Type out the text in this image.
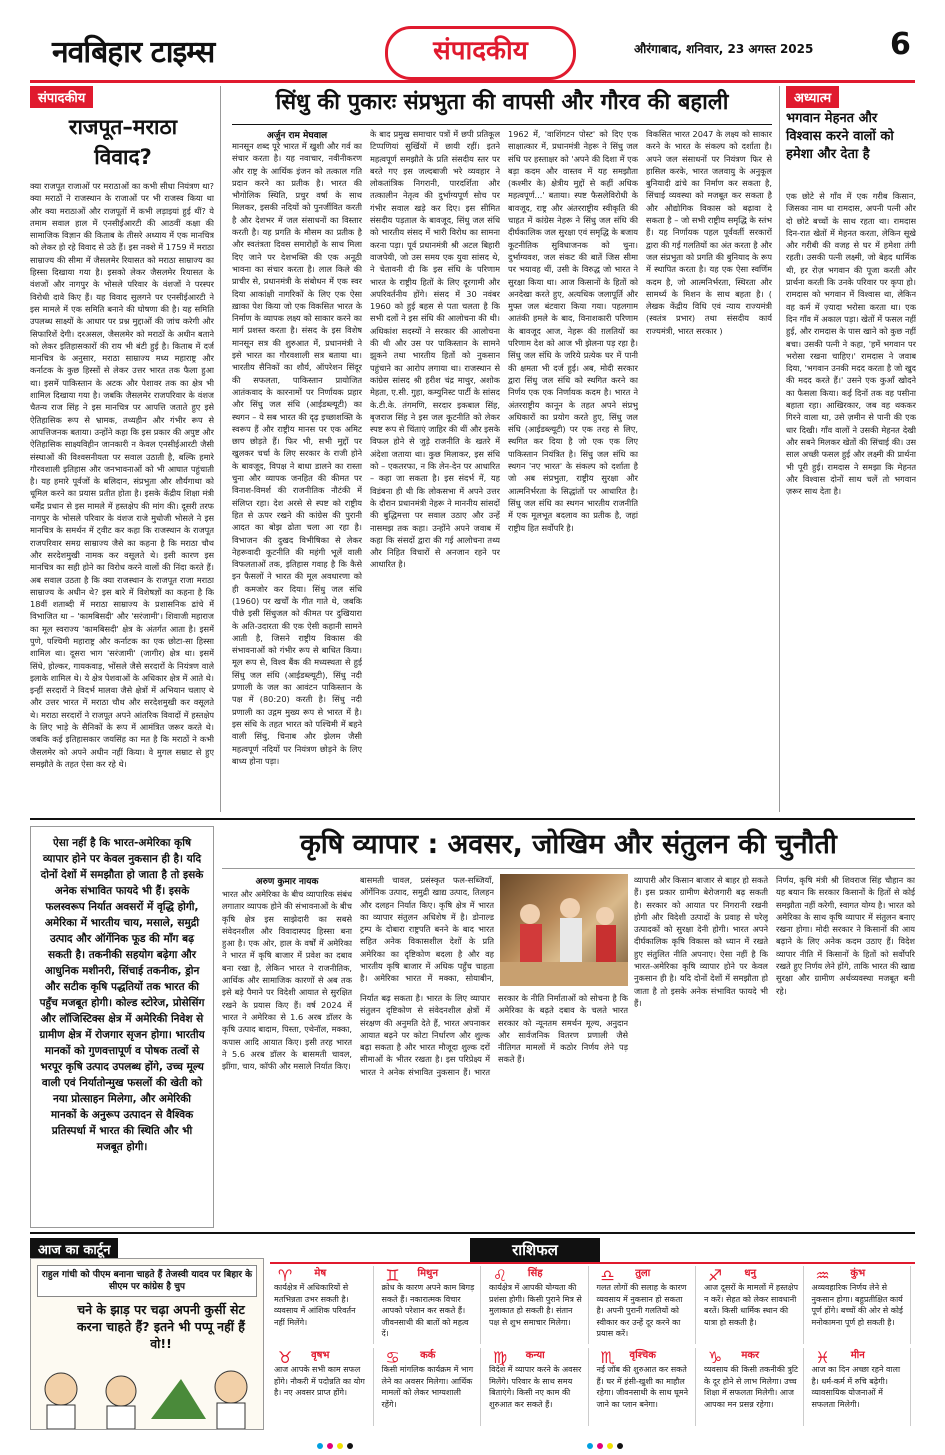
नवबिहार टाइम्स	संपादकीय	औरंगाबाद, शनिवार, 23 अगस्त 2025	6
संपादकीय
राजपूत–मराठा विवाद?
क्या राजपूत राजाओं पर मराठाओं का कभी सीधा नियंत्रण था? क्या मराठों ने राजस्थान के राजाओं पर भी राजस्व किया था और क्या मराठाओं और राजपूतों में कभी लड़ाइयां हुई थीं? ये तमाम सवाल हाल में एनसीईआरटी की आठवीं कक्षा की सामाजिक विज्ञान की किताब के तीसरे अध्याय में एक मानचित्र को लेकर हो रहे विवाद से उठे हैं। इस नक्शे में 1759 में मराठा साम्राज्य की सीमा में जैसलमेर रियासत को मराठा साम्राज्य का हिस्सा दिखाया गया है। इसको लेकर जैसलमेर रियासत के वंशजों और नागपुर के भोसले परिवार के वंशजों ने परस्पर विरोधी दावे किए हैं। यह विवाद सुलगने पर एनसीईआरटी ने इस मामले में एक समिति बनाने की घोषणा की है। यह समिति उपलब्ध साक्ष्यों के आधार पर प्रश्न मुद्दाओं की जांच करेगी और सिफारिशें देगी। दरअसल, जैसलमेर को मराठों के अधीन बताने को लेकर इतिहासकारों की राय भी बंटी हुई है। किताब में दर्ज मानचित्र के अनुसार, मराठा साम्राज्य मध्य महाराष्ट्र और कर्नाटक के कुछ हिस्सों से लेकर उत्तर भारत तक फैला हुआ था। इसमें पाकिस्तान के अटक और पेशावर तक का क्षेत्र भी शामिल दिखाया गया है। जबकि जैसलमेर राजपरिवार के वंशज चैतन्य राज सिंह ने इस मानचित्र पर आपत्ति जताते हुए इसे ऐतिहासिक रूप से भ्रामक, तथ्यहीन और गंभीर रूप से आपत्तिजनक बताया। उन्होंने कहा कि इस प्रकार की अपुष्ट और ऐतिहासिक साक्ष्यविहीन जानकारी न केवल एनसीईआरटी जैसी संस्थाओं की विश्वसनीयता पर सवाल उठाती है, बल्कि हमारे गौरवशाली इतिहास और जनभावनाओं को भी आघात पहुंचाती है। यह हमारे पूर्वजों के बलिदान, संप्रभुता और शौर्यगाथा को धूमिल करने का प्रयास प्रतीत होता है। इसके केंद्रीय शिक्षा मंत्री धर्मेंद्र प्रधान से इस मामले में हस्तक्षेप की मांग की। दूसरी तरफ नागपुर के भोसले परिवार के वंशज राजे मुधोजी भोसले ने इस मानचित्र के समर्थन में ट्वीट कर कहा कि राजस्थान के राजपूत राजपरिवार समग्र साम्राज्य जैसे का कहना है कि मराठा चौथ और सरदेशमुखी नामक कर वसूलते थे। इसी कारण इस मानचित्र का सही होने का विरोध करने वालों की निंदा करते हैं। अब सवाल उठता है कि क्या राजस्थान के राजपूत राजा मराठा साम्राज्य के अधीन थे? इस बारे में विशेषज्ञों का कहना है कि 18वीं शताब्दी में मराठा साम्राज्य के प्रशासनिक ढांचे में विभाजित था – 'कामबिसदी' और 'सरंजामी'। शिवाजी महाराज का मूल स्वराज्य 'कामबिसदी' क्षेत्र के अंतर्गत आता है। इसमें पुणे, पश्चिमी महाराष्ट्र और कर्नाटक का एक छोटा-सा हिस्सा शामिल था। दूसरा भाग 'सरंजामी' (जागीर) क्षेत्र था। इसमें सिंधे, होल्कर, गायकवाड़, भोंसले जैसे सरदारों के नियंत्रण वाले इलाके शामिल थे। ये क्षेत्र पेशवाओं के अधिकार क्षेत्र में आते थे। इन्हीं सरदारों ने विदर्भ मालवा जैसे क्षेत्रों में अभियान चलाए थे और उत्तर भारत में मराठा चौथ और सरदेशमुखी कर वसूलते थे। मराठा सरदारों ने राजपूत अपने आंतरिक विवादों में हस्तक्षेप के लिए भाड़े के सैनिकों के रूप में आमंत्रित जरूर करते थे। जबकि कई इतिहासकार जयसिंह का मत है कि मराठों ने कभी जैसलमेर को अपने अधीन नहीं किया। वे मुगल सम्राट से हुए समझौते के तहत ऐसा कर रहे थे।
सिंधु की पुकारः संप्रभुता की वापसी और गौरव की बहाली
अर्जुन राम मेघवाल
मानसून शब्द पूरे भारत में खुशी और गर्व का संचार करता है। यह नवाचार, नवीनीकरण और राष्ट्र के आर्थिक इंजन को तत्काल गति प्रदान करने का प्रतीक है। भारत की भौगोलिक स्थिति, प्रचुर वर्षा के साथ मिलकर, इसकी नदियों को पुनर्जीवित करती है और देशभर में जल संसाधनों का विस्तार करती है। यह प्रगति के मौसम का प्रतीक है और स्वतंत्रता दिवस समारोहों के साथ मिला दिए जाने पर देशभक्ति की एक अनूठी भावना का संचार करता है। लाल किले की प्राचीर से, प्रधानमंत्री के संबोधन में एक स्वर दिया आकांक्षी नागरिकों के लिए एक ऐसा ख़ाका पेश किया जो एक विकसित भारत के निर्माण के व्यापक लक्ष्य को साकार करने का मार्ग प्रशस्त करता है। संसद के इस विशेष मानसून सत्र की शुरुआत में, प्रधानमंत्री ने इसे भारत का गौरवशाली सत्र बताया था। भारतीय सैनिकों का शौर्य, ऑपरेशन सिंदूर की सफलता, पाकिस्तान प्रायोजित आतंकवाद के कारनामों पर निर्णायक प्रहार और सिंधु जल संधि (आईडब्ल्यूटी) का स्थगन – ये सब भारत की दृढ़ इच्छाशक्ति के स्वरूप हैं और राष्ट्रीय मानस पर एक अमिट छाप छोड़ते हैं। फिर भी, सभी मुद्दों पर खुलकर चर्चा के लिए सरकार के राजी होने के बावजूद, विपक्ष ने बाधा डालने का रास्ता चुना और व्यापक जनहित की कीमत पर विनाश-विमर्श की राजनीतिक नौटंकी में संलिप्त रहा। देश अरसे से स्पष्ट को राष्ट्रीय हित से ऊपर रखने की कांग्रेस की पुरानी आदत का बोझ ढोता चला आ रहा है। विभाजन की दुखद विभीषिका से लेकर नेहरूवादी कूटनीति की महंगी भूलें वाली विफलताओं तक, इतिहास गवाह है कि कैसे इन फैसलों ने भारत की मूल अवधारणा को ही कमजोर कर दिया। सिंधु जल संधि (1960) पर खर्चों के गीत गाते थे, जबकि पीछे इसी सिंधुजल को कीमत पर दुखियारा के अति-उदारता की एक ऐसी कहानी सामने आती है, जिसने राष्ट्रीय विकास की संभावनाओं को गंभीर रूप से बाधित किया। मूल रूप से, विश्व बैंक की मध्यस्थता से हुई सिंधु जल संधि (आईडब्ल्यूटी), सिंधु नदी प्रणाली के जल का आवंटन पाकिस्तान के पक्ष में (80:20) करती है। सिंधु नदी प्रणाली का उद्गम मुख्य रूप से भारत में है। इस संधि के तहत भारत को पश्चिमी में बहने वाली सिंधु, चिनाब और झेलम जैसी महत्वपूर्ण नदियों पर नियंत्रण छोड़ने के लिए बाध्य होना पड़ा।
के बाद प्रमुख समाचार पत्रों में छपी प्रतिकूल टिप्पणियां सुर्खियों में छायी रहीं। इतने महत्वपूर्ण समझौते के प्रति संसदीय स्तर पर बरते गए इस जल्दबाजी भरे व्यवहार ने लोकतांत्रिक निगरानी, पारदर्शिता और तत्कालीन नेतृत्व की दुर्भाग्यपूर्ण सोच पर गंभीर सवाल खड़े कर दिए। इस सीमित संसदीय पड़ताल के बावजूद, सिंधु जल संधि को भारतीय संसद में भारी विरोध का सामना करना पड़ा। पूर्व प्रधानमंत्री श्री अटल बिहारी वाजपेयी, जो उस समय एक युवा सांसद थे, ने चेतावनी दी कि इस संधि के परिणाम भारत के राष्ट्रीय हितों के लिए दूरगामी और अपरिवर्तनीय होंगे। संसद में 30 नवंबर 1960 को हुई बहस से पता चलता है कि सभी दलों ने इस संधि की आलोचना की थी। अधिकांश सदस्यों ने सरकार की आलोचना की थी और उस पर पाकिस्तान के सामने झुकने तथा भारतीय हितों को नुकसान पहुंचाने का आरोप लगाया था। राजस्थान से कांग्रेस सांसद श्री हरीश चंद्र माथुर, अशोक मेहता, ए.सी. गुहा, कम्युनिस्ट पार्टी के सांसद के.टी.के. तंगमणि, सरदार इकबाल सिंह, बृजराज सिंह ने इस जल कूटनीति को लेकर स्पष्ट रूप से चिंताएं जाहिर की थीं और इसके विफल होने से जुड़े राजनीति के खतरे में अंदेशा जताया था। कुछ मिलाकर, इस संधि को – एकतरफा, न कि लेन-देन पर आधारित – कहा जा सकता है। इस संदर्भ में, यह विडंबना ही थी कि लोकसभा में अपने उत्तर के दौरान प्रधानमंत्री नेहरू ने माननीय सांसदों की बुद्धिमत्ता पर सवाल उठाए और उन्हें नासमझ तक कहा। उन्होंने अपने जवाब में कहा कि संसदों द्वारा की गई आलोचना तथ्य और निहित विचारों से अनजान रहने पर आधारित है।
1962 में, 'वाशिंगटन पोस्ट' को दिए एक साक्षात्कार में, प्रधानमंत्री नेहरू ने सिंधु जल संधि पर हस्ताक्षर को 'अपने की दिशा में एक बड़ा कदम और वास्तव में यह समझौता (कश्मीर के) क्षेत्रीय मुद्दों से कहीं अधिक महत्वपूर्ण...' बताया। स्पष्ट फैसलेविरोधी के बावजूद, राष्ट्र और अंतरराष्ट्रीय स्वीकृति की चाहत में कांग्रेस नेहरू ने सिंधु जल संधि की दीर्घकालिक जल सुरक्षा एवं समृद्धि के बजाय कूटनीतिक सुविधाजनक को चुना। दुर्भाग्यवश, जल संकट की बातें जिस सीमा पर भयावह थीं, उसी के विरुद्ध जो भारत ने सुरक्षा किया था। आज किसानों के हितों को अनदेखा करते हुए, अत्यधिक जलापूर्ति और मुफ्त जल बंटवारा किया गया। पहलगाम आतंकी हमले के बाद, विनाशकारी परिणाम के बावजूद आज, नेहरू की ग़लतियों का परिणाम देश को आज भी झेलना पड़ रहा है। सिंधु जल संधि के जरिये प्रत्येक घर में पानी की क्षमता भी दर्ज हुई। अब, मोदी सरकार द्वारा सिंधु जल संधि को स्थगित करने का निर्णय एक एक निर्णायक कदम है। भारत ने अंतरराष्ट्रीय कानून के तहत अपने संप्रभु अधिकारों का प्रयोग करते हुए, सिंधु जल संधि (आईडब्ल्यूटी) पर एक तरह से लिए, स्थगित कर दिया है जो एक एक लिए पाकिस्तान नियंत्रित है। सिंधु जल संधि का स्थगन 'नए भारत' के संकल्प को दर्शाता है जो अब संप्रभुता, राष्ट्रीय सुरक्षा और आत्मनिर्भरता के सिद्धांतों पर आधारित है। सिंधु जल संधि का स्थगन भारतीय राजनीति में एक मूलभूत बदलाव का प्रतीक है, जहां राष्ट्रीय हित सर्वोपरि है।
विकसित भारत 2047 के लक्ष्य को साकार करने के भारत के संकल्प को दर्शाता है। अपने जल संसाधनों पर नियंत्रण फिर से हासिल करके, भारत जलवायु के अनुकूल बुनियादी ढांचे का निर्माण कर सकता है, सिंचाई व्यवस्था को मजबूत कर सकता है और औद्योगिक विकास को बढ़ावा दे सकता है – जो सभी राष्ट्रीय समृद्धि के स्तंभ हैं। यह निर्णायक पहल पूर्ववर्ती सरकारों द्वारा की गई गलतियों का अंत करता है और जल संप्रभुता को प्रगति की बुनियाद के रूप में स्थापित करता है। यह एक ऐसा स्वर्णिम कदम है, जो आत्मनिर्भरता, स्थिरता और सामर्थ्य के मिशन के साथ बहता है। ( लेखक केंद्रीय विधि एवं न्याय राज्यमंत्री (स्वतंत्र प्रभार) तथा संसदीय कार्य राज्यमंत्री, भारत सरकार )
अध्यात्म
भगवान मेहनत और विश्वास करने वालों को हमेशा और देता है
एक छोटे से गाँव में एक गरीब किसान, जिसका नाम था रामदास, अपनी पत्नी और दो छोटे बच्चों के साथ रहता था। रामदास दिन-रात खेतों में मेहनत करता, लेकिन सूखे और गरीबी की वजह से घर में हमेशा तंगी रहती। उसकी पत्नी लक्ष्मी, जो बेहद धार्मिक थी, हर रोज़ भगवान की पूजा करती और प्रार्थना करती कि उनके परिवार पर कृपा हो। रामदास को भगवान में विश्वास था, लेकिन वह कर्म में ज़्यादा भरोसा करता था। एक दिन गाँव में अकाल पड़ा। खेतों में फसल नहीं हुई, और रामदास के पास खाने को कुछ नहीं बचा। उसकी पत्नी ने कहा, 'हमें भगवान पर भरोसा रखना चाहिए।' रामदास ने जवाब दिया, 'भगवान उनकी मदद करता है जो खुद की मदद करते हैं।' उसने एक कुआँ खोदने का फैसला किया। कई दिनों तक वह पसीना बहाता रहा। आखिरकार, जब वह थककर गिरने वाला था, उसे ज़मीन से पानी की एक धार दिखी। गाँव वालों ने उसकी मेहनत देखी और सबने मिलकर खेतों की सिंचाई की। उस साल अच्छी फसल हुई और लक्ष्मी की प्रार्थना भी पूरी हुई। रामदास ने समझा कि मेहनत और विश्वास दोनों साथ चलें तो भगवान ज़रूर साथ देता है।
ऐसा नहीं है कि भारत-अमेरिका कृषि व्यापार होने पर केवल नुकसान ही है। यदि दोनों देशों में समझौता हो जाता है तो इसके अनेक संभावित फायदे भी हैं। इसके फलस्वरूप निर्यात अवसरों में वृद्धि होगी, अमेरिका में भारतीय चाय, मसाले, समुद्री उत्पाद और ऑर्गेनिक फूड की माँग बढ़ सकती है। तकनीकी सहयोग बढ़ेगा और आधुनिक मशीनरी, सिंचाई तकनीक, ड्रोन और सटीक कृषि पद्धतियों तक भारत की पहुँच मजबूत होगी। कोल्ड स्टोरेज, प्रोसेसिंग और लॉजिस्टिक्स क्षेत्र में अमेरिकी निवेश से ग्रामीण क्षेत्र में रोजगार सृजन होगा। भारतीय मानकों को गुणवत्तापूर्ण व पोषक तत्वों से भरपूर कृषि उत्पाद उपलब्ध होंगे, उच्च मूल्य वाली एवं निर्यातोन्मुख फसलों की खेती को नया प्रोत्साहन मिलेगा, और अमेरिकी मानकों के अनुरूप उत्पादन से वैश्विक प्रतिस्पर्धा में भारत की स्थिति और भी मजबूत होगी।
कृषि व्यापार : अवसर, जोखिम और संतुलन की चुनौती
अरुण कुमार नायक
भारत और अमेरिका के बीच व्यापारिक संबंध लगातार व्यापक होने की संभावनाओं के बीच कृषि क्षेत्र इस साझेदारी का सबसे संवेदनशील और विवादास्पद हिस्सा बना हुआ है। एक ओर, हाल के वर्षों में अमेरिका ने भारत में कृषि बाजार में प्रवेश का दबाव बना रखा है, लेकिन भारत ने राजनीतिक, आर्थिक और सामाजिक कारणों से अब तक इसे बड़े पैमाने पर विदेशी आयात से सुरक्षित रखने के प्रयास किए हैं। वर्ष 2024 में भारत ने अमेरिका से 1.6 अरब डॉलर के कृषि उत्पाद बादाम, पिस्ता, एथेनॉल, मक्का, कपास आदि आयात किए। इसी तरह भारत ने 5.6 अरब डॉलर के बासमती चावल, झींगा, चाय, कॉफी और मसाले निर्यात किए।
बासमती चावल, प्रसंस्कृत फल-सब्जियाँ, ऑर्गेनिक उत्पाद, समुद्री खाद्य उत्पाद, तिलहन और दलहन निर्यात किए। कृषि क्षेत्र में भारत का व्यापार संतुलन अधिशेष में है। डोनाल्ड ट्रम्प के दोबारा राष्ट्रपति बनने के बाद भारत सहित अनेक विकासशील देशों के प्रति अमेरिका का दृष्टिकोण बदला है और वह भारतीय कृषि बाजार में अधिक पहुँच चाहता है। अमेरिका भारत में मक्का, सोयाबीन,
निर्यात बढ़ सकता है। भारत के लिए व्यापार संतुलन दृष्टिकोण से संवेदनशील क्षेत्रों में संरक्षण की अनुमति देते हैं, भारत अपनाकर आयात बढ़ने पर कोटा निर्धारण और शुल्क बढ़ा सकता है और भारत मौजूदा शुल्क दरों सीमाओं के भीतर रखता है। इस परिप्रेक्ष्य में भारत ने अनेक संभावित नुकसान हैं। भारत सरकार के नीति निर्माताओं को सोचना है कि अमेरिका के बढ़ते दबाव के चलते भारत सरकार को न्यूनतम समर्थन मूल्य, अनुदान और सार्वजनिक वितरण प्रणाली जैसे नीतिगत मामलों में कठोर निर्णय लेने पड़ सकते हैं।
व्यापारी और किसान बाजार से बाहर हो सकते हैं। इस प्रकार ग्रामीण बेरोजगारी बढ़ सकती है। सरकार को आयात पर निगरानी रखनी होगी और विदेशी उत्पादों के प्रवाह से घरेलू उत्पादकों को सुरक्षा देनी होगी। भारत अपने दीर्घकालिक कृषि विकास को ध्यान में रखते हुए संतुलित नीति अपनाए। ऐसा नहीं है कि भारत-अमेरिका कृषि व्यापार होने पर केवल नुकसान ही है। यदि दोनों देशों में समझौता हो जाता है तो इसके अनेक संभावित फायदे भी हैं।
निर्णय, कृषि मंत्री श्री शिवराज सिंह चौहान का यह बयान कि सरकार किसानों के हितों से कोई समझौता नहीं करेगी, स्वागत योग्य है। भारत को अमेरिका के साथ कृषि व्यापार में संतुलन बनाए रखना होगा। मोदी सरकार ने किसानों की आय बढ़ाने के लिए अनेक कदम उठाए हैं। विदेश व्यापार नीति में किसानों के हितों को सर्वोपरि रखते हुए निर्णय लेने होंगे, ताकि भारत की खाद्य सुरक्षा और ग्रामीण अर्थव्यवस्था मजबूत बनी रहे।
आज का कार्टून
राहुल गांधी को पीएम बनाना चाहते हैं तेजस्वी यादव पर बिहार के सीएम पर कांग्रेस है चुप
चने के झाड़ पर चढ़ा अपनी कुर्सी सेट करना चाहते हैं? इतने भी पप्पू नहीं हैं वो!!
राशिफल
♈	मेष
कार्यक्षेत्र में अधिकारियों से मतभिन्नता उभर सकती है। व्यवसाय में आंशिक परिवर्तन नहीं मिलेंगे।
♊	मिथुन
क्रोध के कारण अपने काम बिगड़ सकते हैं। नकारात्मक विचार आपको परेशान कर सकते हैं। जीवनसाथी की बातों को महत्व दें।
♌	सिंह
कार्यक्षेत्र में आपकी योग्यता की प्रशंसा होगी। किसी पुराने मित्र से मुलाकात हो सकती है। संतान पक्ष से शुभ समाचार मिलेगा।
♎	तुला
गलत लोगों की सलाह के कारण व्यवसाय में नुकसान हो सकता है। अपनी पुरानी गलतियों को स्वीकार कर उन्हें दूर करने का प्रयास करें।
♐	धनु
आज दूसरों के मामलों में हस्तक्षेप न करें। सेहत को लेकर सावधानी बरतें। किसी धार्मिक स्थान की यात्रा हो सकती है।
♒	कुंभ
अव्यवहारिक निर्णय लेने से नुकसान होगा। बहुप्रतीक्षित कार्य पूर्ण होंगे। बच्चों की ओर से कोई मनोकामना पूर्ण हो सकती है।
♉	वृषभ
आज आपके सभी काम सफल होंगे। नौकरी में पदोन्नति का योग है। नए अवसर प्राप्त होंगे।
♋	कर्क
किसी मांगलिक कार्यक्रम में भाग लेने का अवसर मिलेगा। आर्थिक मामलों को लेकर भाग्यशाली रहेंगे।
♍	कन्या
विदेश में व्यापार करने के अवसर मिलेंगे। परिवार के साथ समय बिताएंगे। किसी नए काम की शुरुआत कर सकते हैं।
♏	वृश्चिक
नई जॉब की शुरुआत कर सकते हैं। घर में हंसी-खुशी का माहौल रहेगा। जीवनसाथी के साथ घूमने जाने का प्लान बनेगा।
♑	मकर
व्यवसाय की किसी तकनीकी त्रुटि के दूर होने से लाभ मिलेगा। उच्च शिक्षा में सफलता मिलेगी। आज आपका मन प्रसन्न रहेगा।
♓	मीन
आज का दिन अच्छा रहने वाला है। धर्म-कर्म में रुचि बढ़ेगी। व्यावसायिक योजनाओं में सफलता मिलेगी।
